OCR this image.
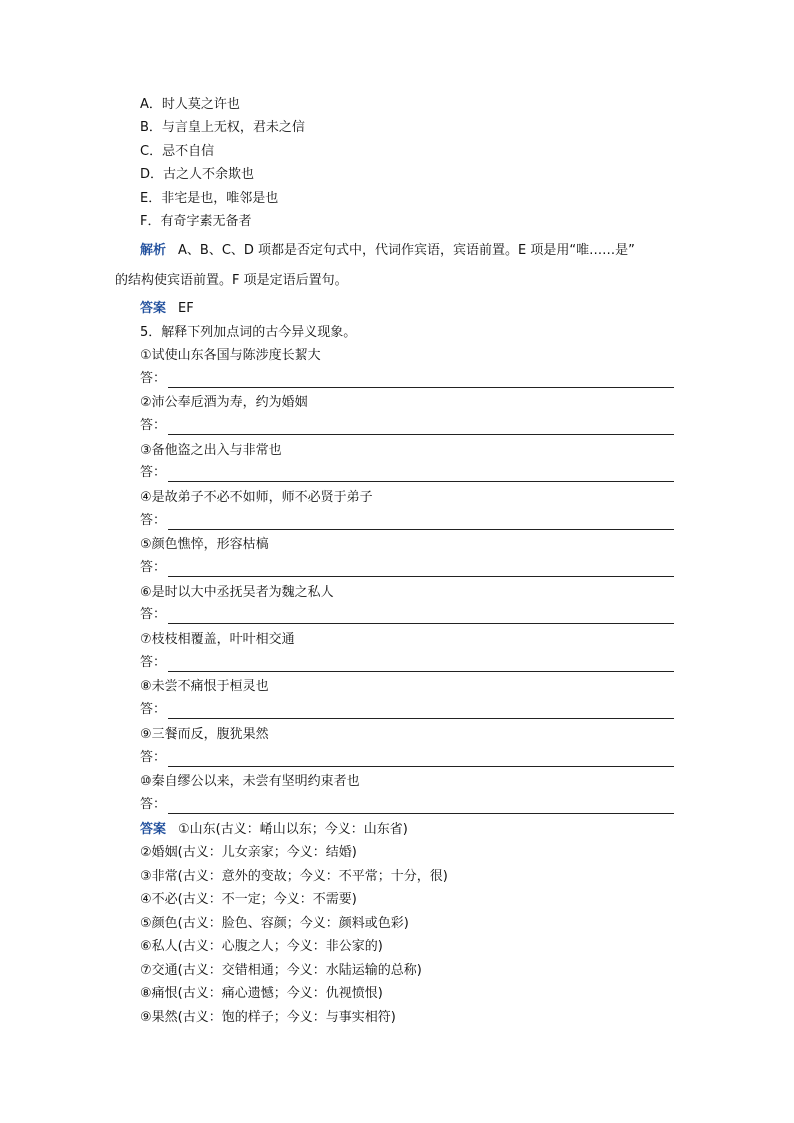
A．时人莫之许也
B．与言皇上无权，君未之信
C．忌不自信
D．古之人不余欺也
E．非宅是也，唯邻是也
F．有奇字素无备者
解析 A、B、C、D 项都是否定句式中，代词作宾语，宾语前置。E 项是用“唯……是”
的结构使宾语前置。F 项是定语后置句。
答案 EF
5．解释下列加点词的古今异义现象。
①试使山东各国与陈涉度长絜大
答：
②沛公奉卮酒为寿，约为婚姻
答：
③备他盗之出入与非常也
答：
④是故弟子不必不如师，师不必贤于弟子
答：
⑤颜色憔悴，形容枯槁
答：
⑥是时以大中丞抚吴者为魏之私人
答：
⑦枝枝相覆盖，叶叶相交通
答：
⑧未尝不痛恨于桓灵也
答：
⑨三餐而反，腹犹果然
答：
⑩秦自缪公以来，未尝有坚明约束者也
答：
答案 ①山东(古义：崤山以东；今义：山东省)
②婚姻(古义：儿女亲家；今义：结婚)
③非常(古义：意外的变故；今义：不平常；十分，很)
④不必(古义：不一定；今义：不需要)
⑤颜色(古义：脸色、容颜；今义：颜料或色彩)
⑥私人(古义：心腹之人；今义：非公家的)
⑦交通(古义：交错相通；今义：水陆运输的总称)
⑧痛恨(古义：痛心遗憾；今义：仇视愤恨)
⑨果然(古义：饱的样子；今义：与事实相符)
